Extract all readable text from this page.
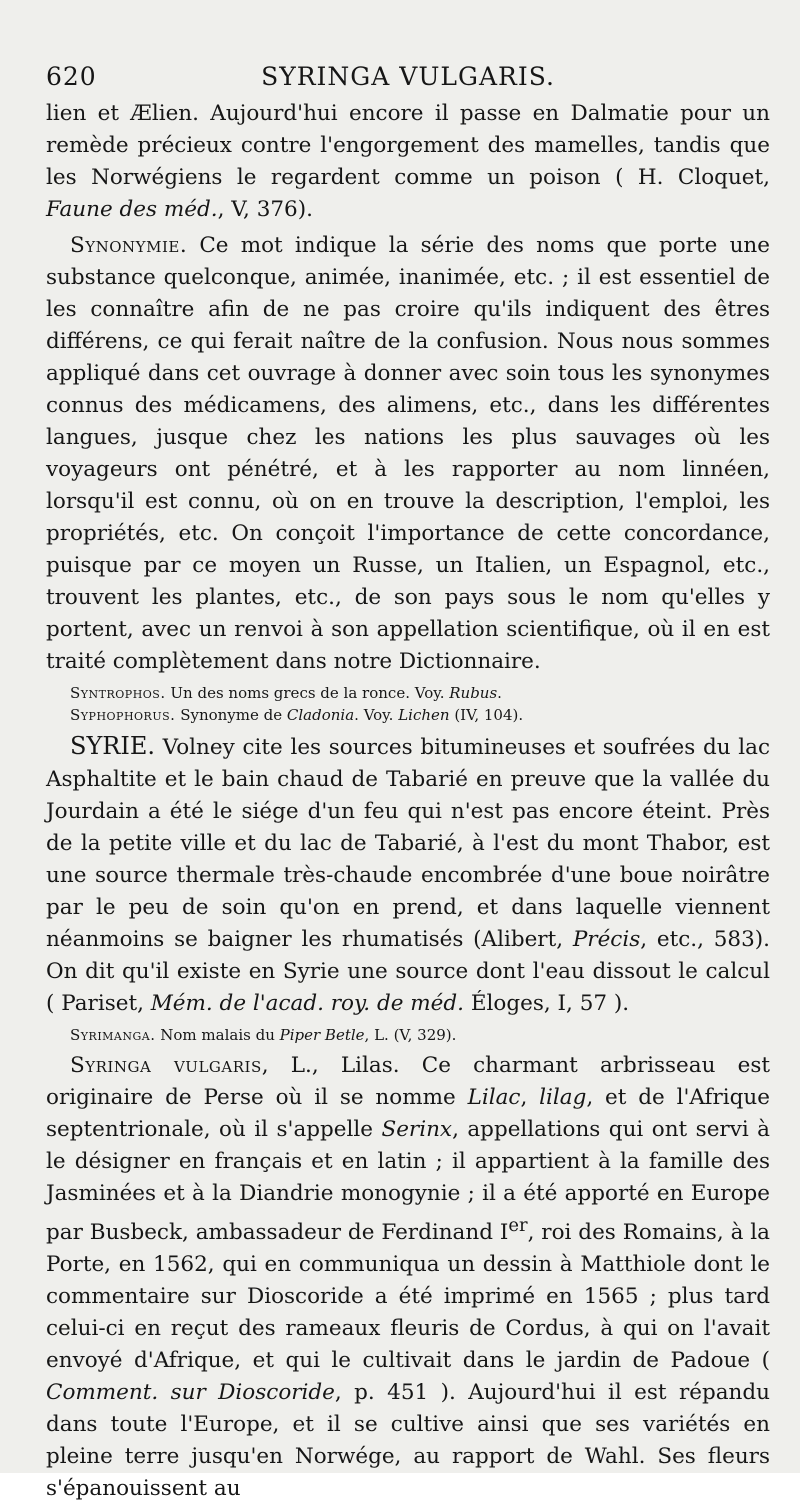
620	SYRINGA VULGARIS.

lien et Ælien. Aujourd'hui encore il passe en Dalmatie pour un remède précieux contre l'engorgement des mamelles, tandis que les Norwégiens le regardent comme un poison ( H. Cloquet, Faune des méd., V, 376).

Synonymie. Ce mot indique la série des noms que porte une substance quelconque, animée, inanimée, etc. ; il est essentiel de les connaître afin de ne pas croire qu'ils indiquent des êtres différens, ce qui ferait naître de la confusion. Nous nous sommes appliqué dans cet ouvrage à donner avec soin tous les synonymes connus des médicamens, des alimens, etc., dans les différentes langues, jusque chez les nations les plus sauvages où les voyageurs ont pénétré, et à les rapporter au nom linnéen, lorsqu'il est connu, où on en trouve la description, l'emploi, les propriétés, etc. On conçoit l'importance de cette concordance, puisque par ce moyen un Russe, un Italien, un Espagnol, etc., trouvent les plantes, etc., de son pays sous le nom qu'elles y portent, avec un renvoi à son appellation scientifique, où il en est traité complètement dans notre Dictionnaire.

Syntrophos. Un des noms grecs de la ronce. Voy. Rubus.

Syphophorus. Synonyme de Cladonia. Voy. Lichen (IV, 104).

SYRIE. Volney cite les sources bitumineuses et soufrées du lac Asphaltite et le bain chaud de Tabarié en preuve que la vallée du Jourdain a été le siége d'un feu qui n'est pas encore éteint. Près de la petite ville et du lac de Tabarié, à l'est du mont Thabor, est une source thermale très-chaude encombrée d'une boue noirâtre par le peu de soin qu'on en prend, et dans laquelle viennent néanmoins se baigner les rhumatisés (Alibert, Précis, etc., 583). On dit qu'il existe en Syrie une source dont l'eau dissout le calcul ( Pariset, Mém. de l'acad. roy. de méd. Éloges, I, 57 ).

Syrimanga. Nom malais du Piper Betle, L. (V, 329).

Syringa vulgaris, L., Lilas. Ce charmant arbrisseau est originaire de Perse où il se nomme Lilac, lilag, et de l'Afrique septentrionale, où il s'appelle Serinx, appellations qui ont servi à le désigner en français et en latin ; il appartient à la famille des Jasminées et à la Diandrie monogynie ; il a été apporté en Europe par Busbeck, ambassadeur de Ferdinand Ier, roi des Romains, à la Porte, en 1562, qui en communiqua un dessin à Matthiole dont le commentaire sur Dioscoride a été imprimé en 1565 ; plus tard celui-ci en reçut des rameaux fleuris de Cordus, à qui on l'avait envoyé d'Afrique, et qui le cultivait dans le jardin de Padoue ( Comment. sur Dioscoride, p. 451 ). Aujourd'hui il est répandu dans toute l'Europe, et il se cultive ainsi que ses variétés en pleine terre jusqu'en Norwége, au rapport de Wahl. Ses fleurs s'épanouissent au
